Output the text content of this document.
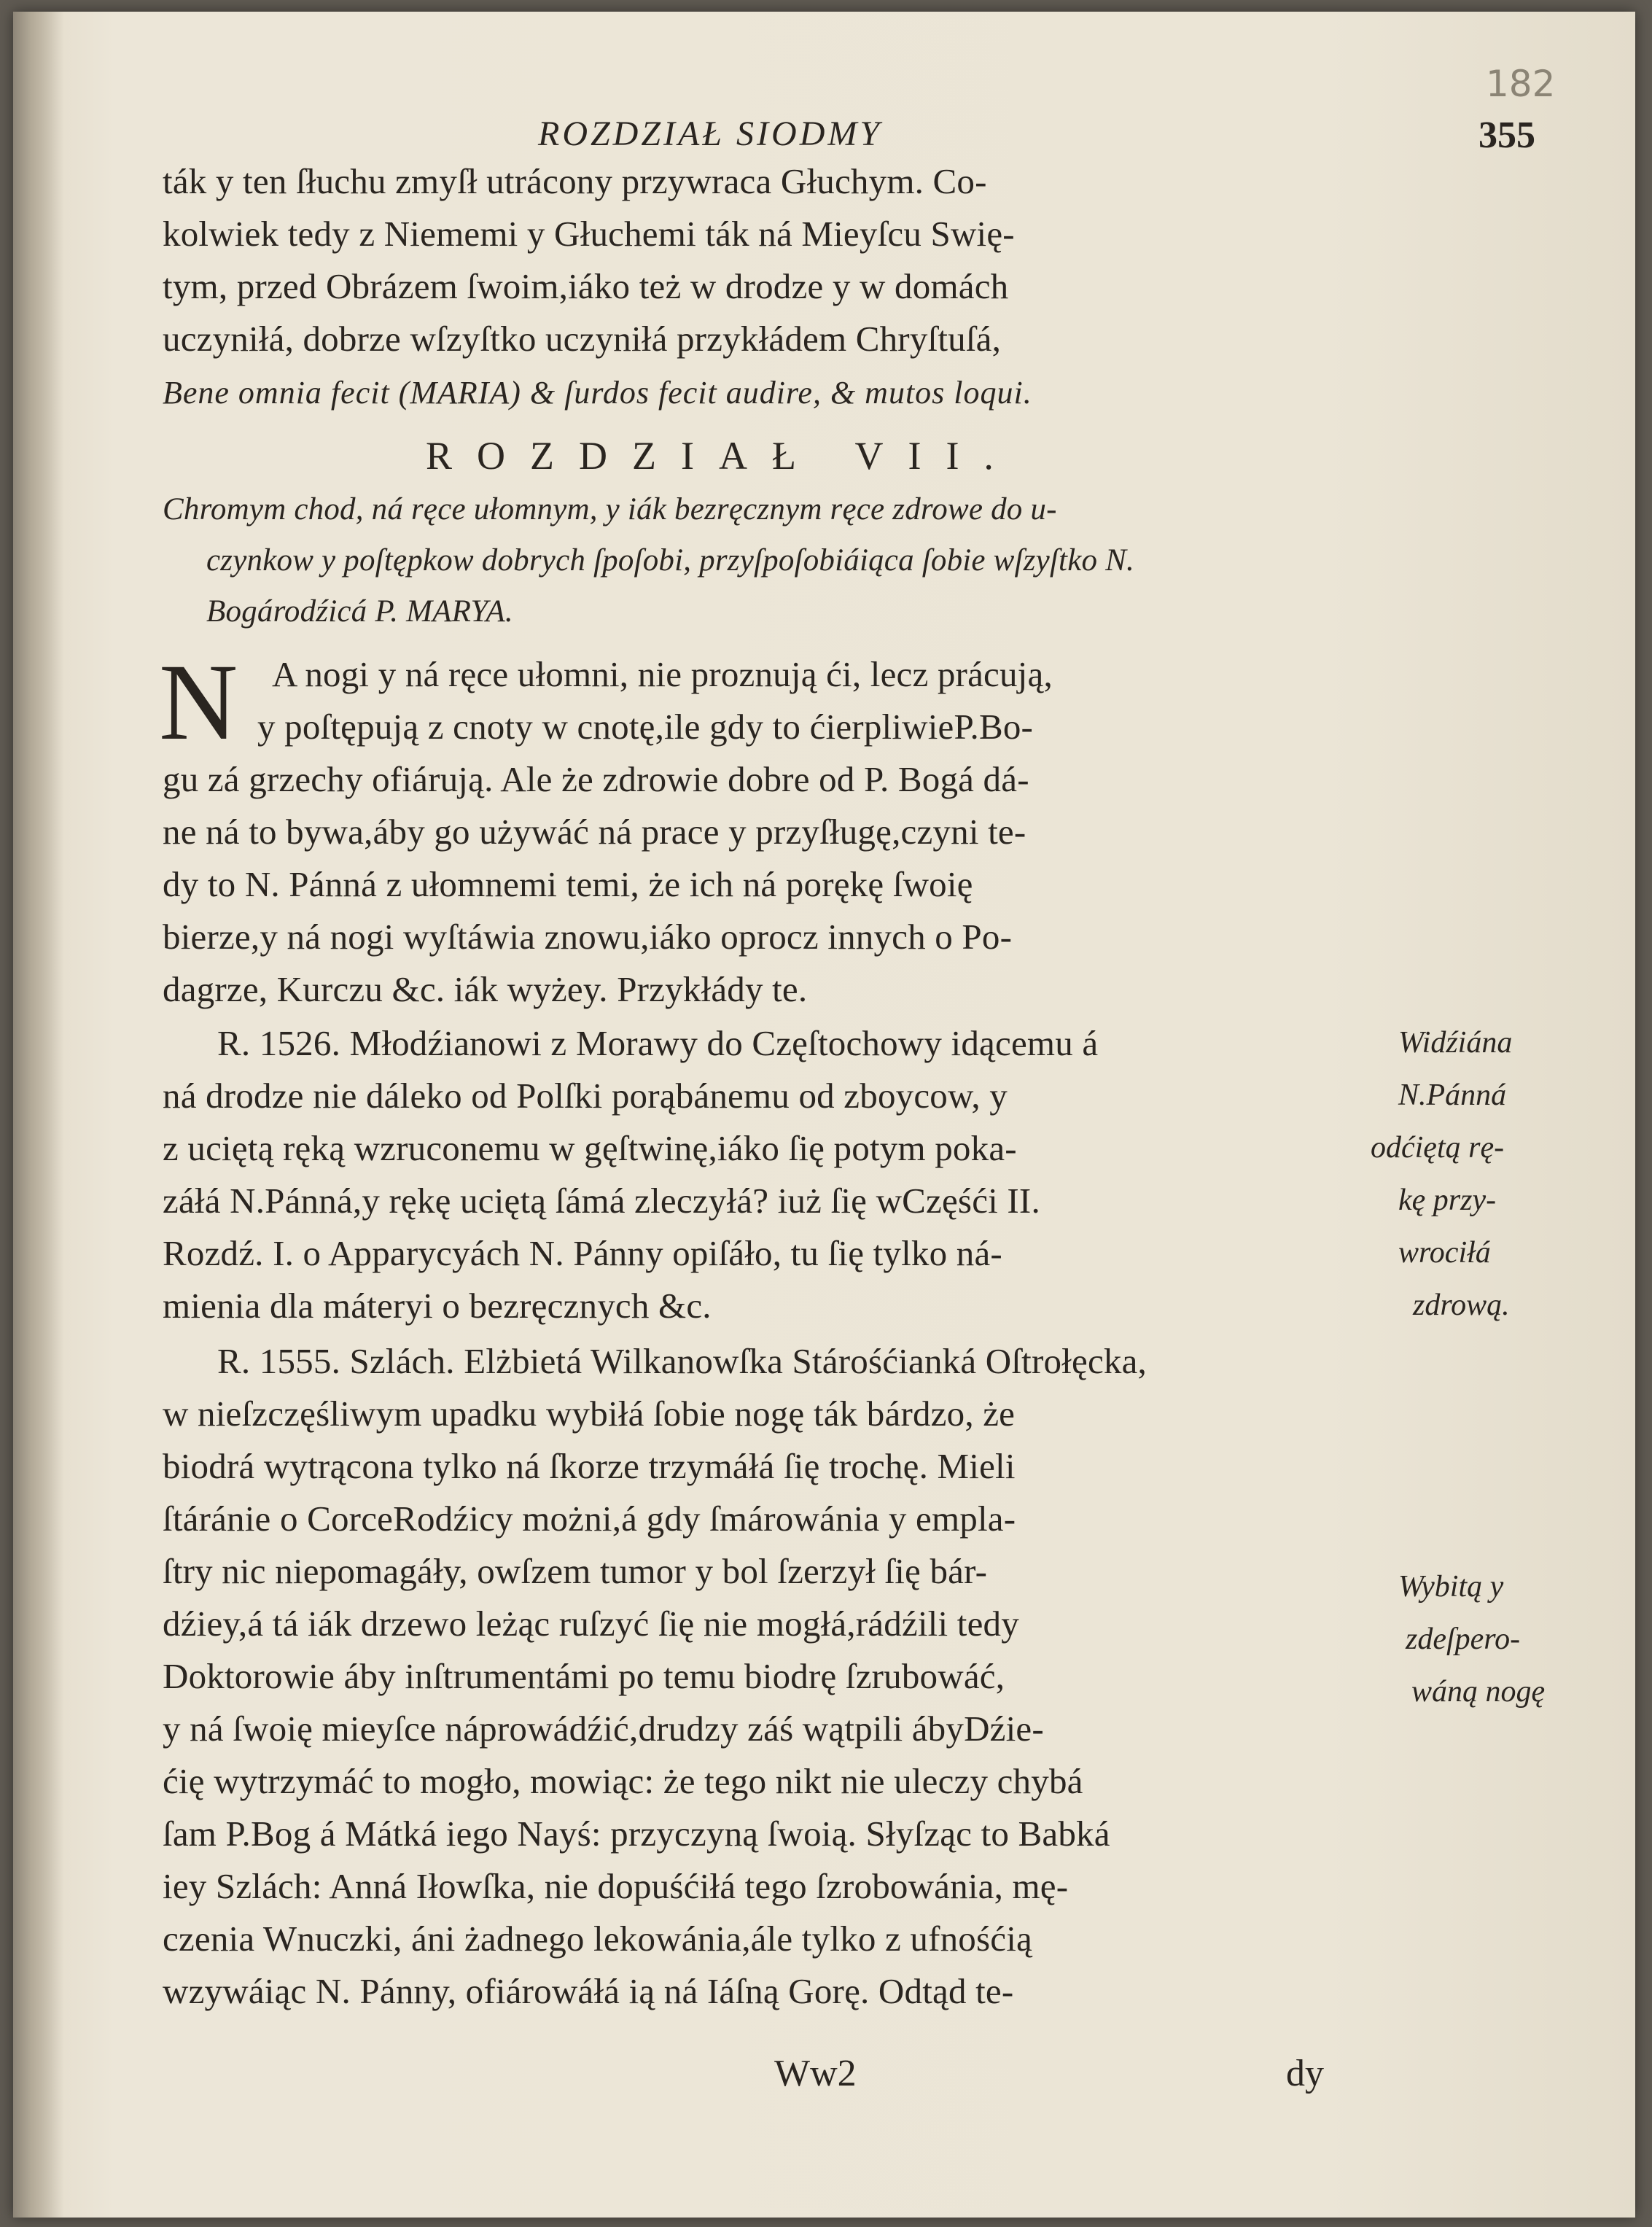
182
ROZDZIAŁ SIODMY	355
ták y ten ſłuchu zmyſł utrácony przywraca Głuchym. Co-
kolwiek tedy z Niememi y Głuchemi ták ná Mieyſcu Swię-
tym, przed Obrázem ſwoim,iáko też w drodze y w domách
uczyniłá, dobrze wſzyſtko uczyniłá przykłádem Chryſtuſá,
Bene omnia fecit (MARIA) & ſurdos fecit audire, & mutos loqui.
ROZDZIAŁ VII.
Chromym chod, ná ręce ułomnym, y iák bezręcznym ręce zdrowe do u-
czynkow y poſtępkow dobrych ſpoſobi, przyſpoſobiáiąca ſobie wſzyſtko N.
Bogárodźicá P. MARYA.
N A nogi y ná ręce ułomni, nie proznują ći, lecz prácują,
y poſtępują z cnoty w cnotę,ile gdy to ćierpliwieP.Bo-
gu zá grzechy ofiárują. Ale że zdrowie dobre od P. Bogá dá-
ne ná to bywa,áby go używáć ná prace y przyſługę,czyni te-
dy to N. Pánná z ułomnemi temi, że ich ná porękę ſwoię
bierze,y ná nogi wyſtáwia znowu,iáko oprocz innych o Po-
dagrze, Kurczu &c. iák wyżey. Przykłády te.
R. 1526. Młodźianowi z Morawy do Częſtochowy idącemu á
ná drodze nie dáleko od Polſki porąbánemu od zboycow, y
z uciętą ręką wzruconemu w gęſtwinę,iáko ſię potym poka-
záłá N.Pánná,y rękę uciętą ſámá zleczyłá? iuż ſię wCzęśći II.
Rozdź. I. o Apparycyách N. Pánny opiſáło, tu ſię tylko ná-
mienia dla máteryi o bezręcznych &c.
R. 1555. Szlách. Elżbietá Wilkanowſka Stárośćianká Oſtrołęcka,
w nieſzczęśliwym upadku wybiłá ſobie nogę ták bárdzo, że
biodrá wytrącona tylko ná ſkorze trzymáłá ſię trochę. Mieli
ſtáránie o CorceRodźicy możni,á gdy ſmárowánia y empla-
ſtry nic niepomagáły, owſzem tumor y bol ſzerzył ſię bár-
dźiey,á tá iák drzewo leżąc ruſzyć ſię nie mogłá,rádźili tedy
Doktorowie áby inſtrumentámi po temu biodrę ſzrubowáć,
y ná ſwoię mieyſce náprowádźić,drudzy záś wątpili ábyDźie-
ćię wytrzymáć to mogło, mowiąc: że tego nikt nie uleczy chybá
ſam P.Bog á Mátká iego Nayś: przyczyną ſwoią. Słyſząc to Babká
iey Szlách: Anná Iłowſka, nie dopuśćiłá tego ſzrobowánia, mę-
czenia Wnuczki, áni żadnego lekowánia,ále tylko z ufnośćią
wzywáiąc N. Pánny, ofiárowáłá ią ná Iáſną Gorę. Odtąd te-
Widźiána
N.Pánná
odćiętą rę-
kę przy-
wrociłá
zdrową.
Wybitą y
zdeſpero-
wáną nogę
Ww2	dy
